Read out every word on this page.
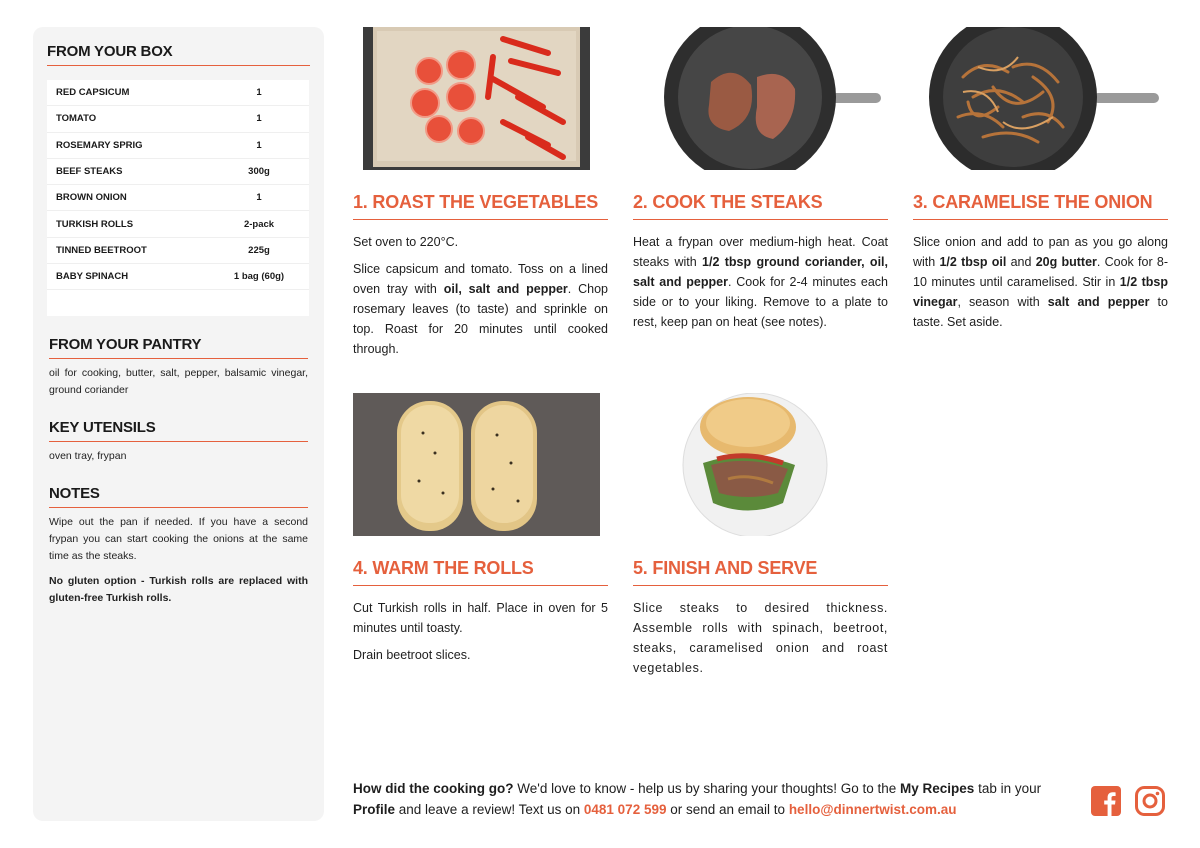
FROM YOUR BOX
RED CAPSICUM	1
TOMATO	1
ROSEMARY SPRIG	1
BEEF STEAKS	300g
BROWN ONION	1
TURKISH ROLLS	2-pack
TINNED BEETROOT	225g
BABY SPINACH	1 bag (60g)
FROM YOUR PANTRY

oil for cooking, butter, salt, pepper, balsamic vinegar, ground coriander

KEY UTENSILS

oven tray, frypan

NOTES

Wipe out the pan if needed. If you have a second frypan you can start cooking the onions at the same time as the steaks.

No gluten option - Turkish rolls are replaced with gluten-free Turkish rolls.

1. ROAST THE VEGETABLES

Set oven to 220°C.

Slice capsicum and tomato. Toss on a lined oven tray with oil, salt and pepper. Chop rosemary leaves (to taste) and sprinkle on top. Roast for 20 minutes until cooked through.

2. COOK THE STEAKS

Heat a frypan over medium-high heat. Coat steaks with 1/2 tbsp ground coriander, oil, salt and pepper. Cook for 2-4 minutes each side or to your liking. Remove to a plate to rest, keep pan on heat (see notes).

3. CARAMELISE THE ONION

Slice onion and add to pan as you go along with 1/2 tbsp oil and 20g butter. Cook for 8-10 minutes until caramelised. Stir in 1/2 tbsp vinegar, season with salt and pepper to taste. Set aside.

4. WARM THE ROLLS

Cut Turkish rolls in half. Place in oven for 5 minutes until toasty.

Drain beetroot slices.

5. FINISH AND SERVE

Slice steaks to desired thickness. Assemble rolls with spinach, beetroot, steaks, caramelised onion and roast vegetables.

How did the cooking go? We'd love to know - help us by sharing your thoughts! Go to the My Recipes tab in your Profile and leave a review! Text us on 0481 072 599 or send an email to hello@dinnertwist.com.au
